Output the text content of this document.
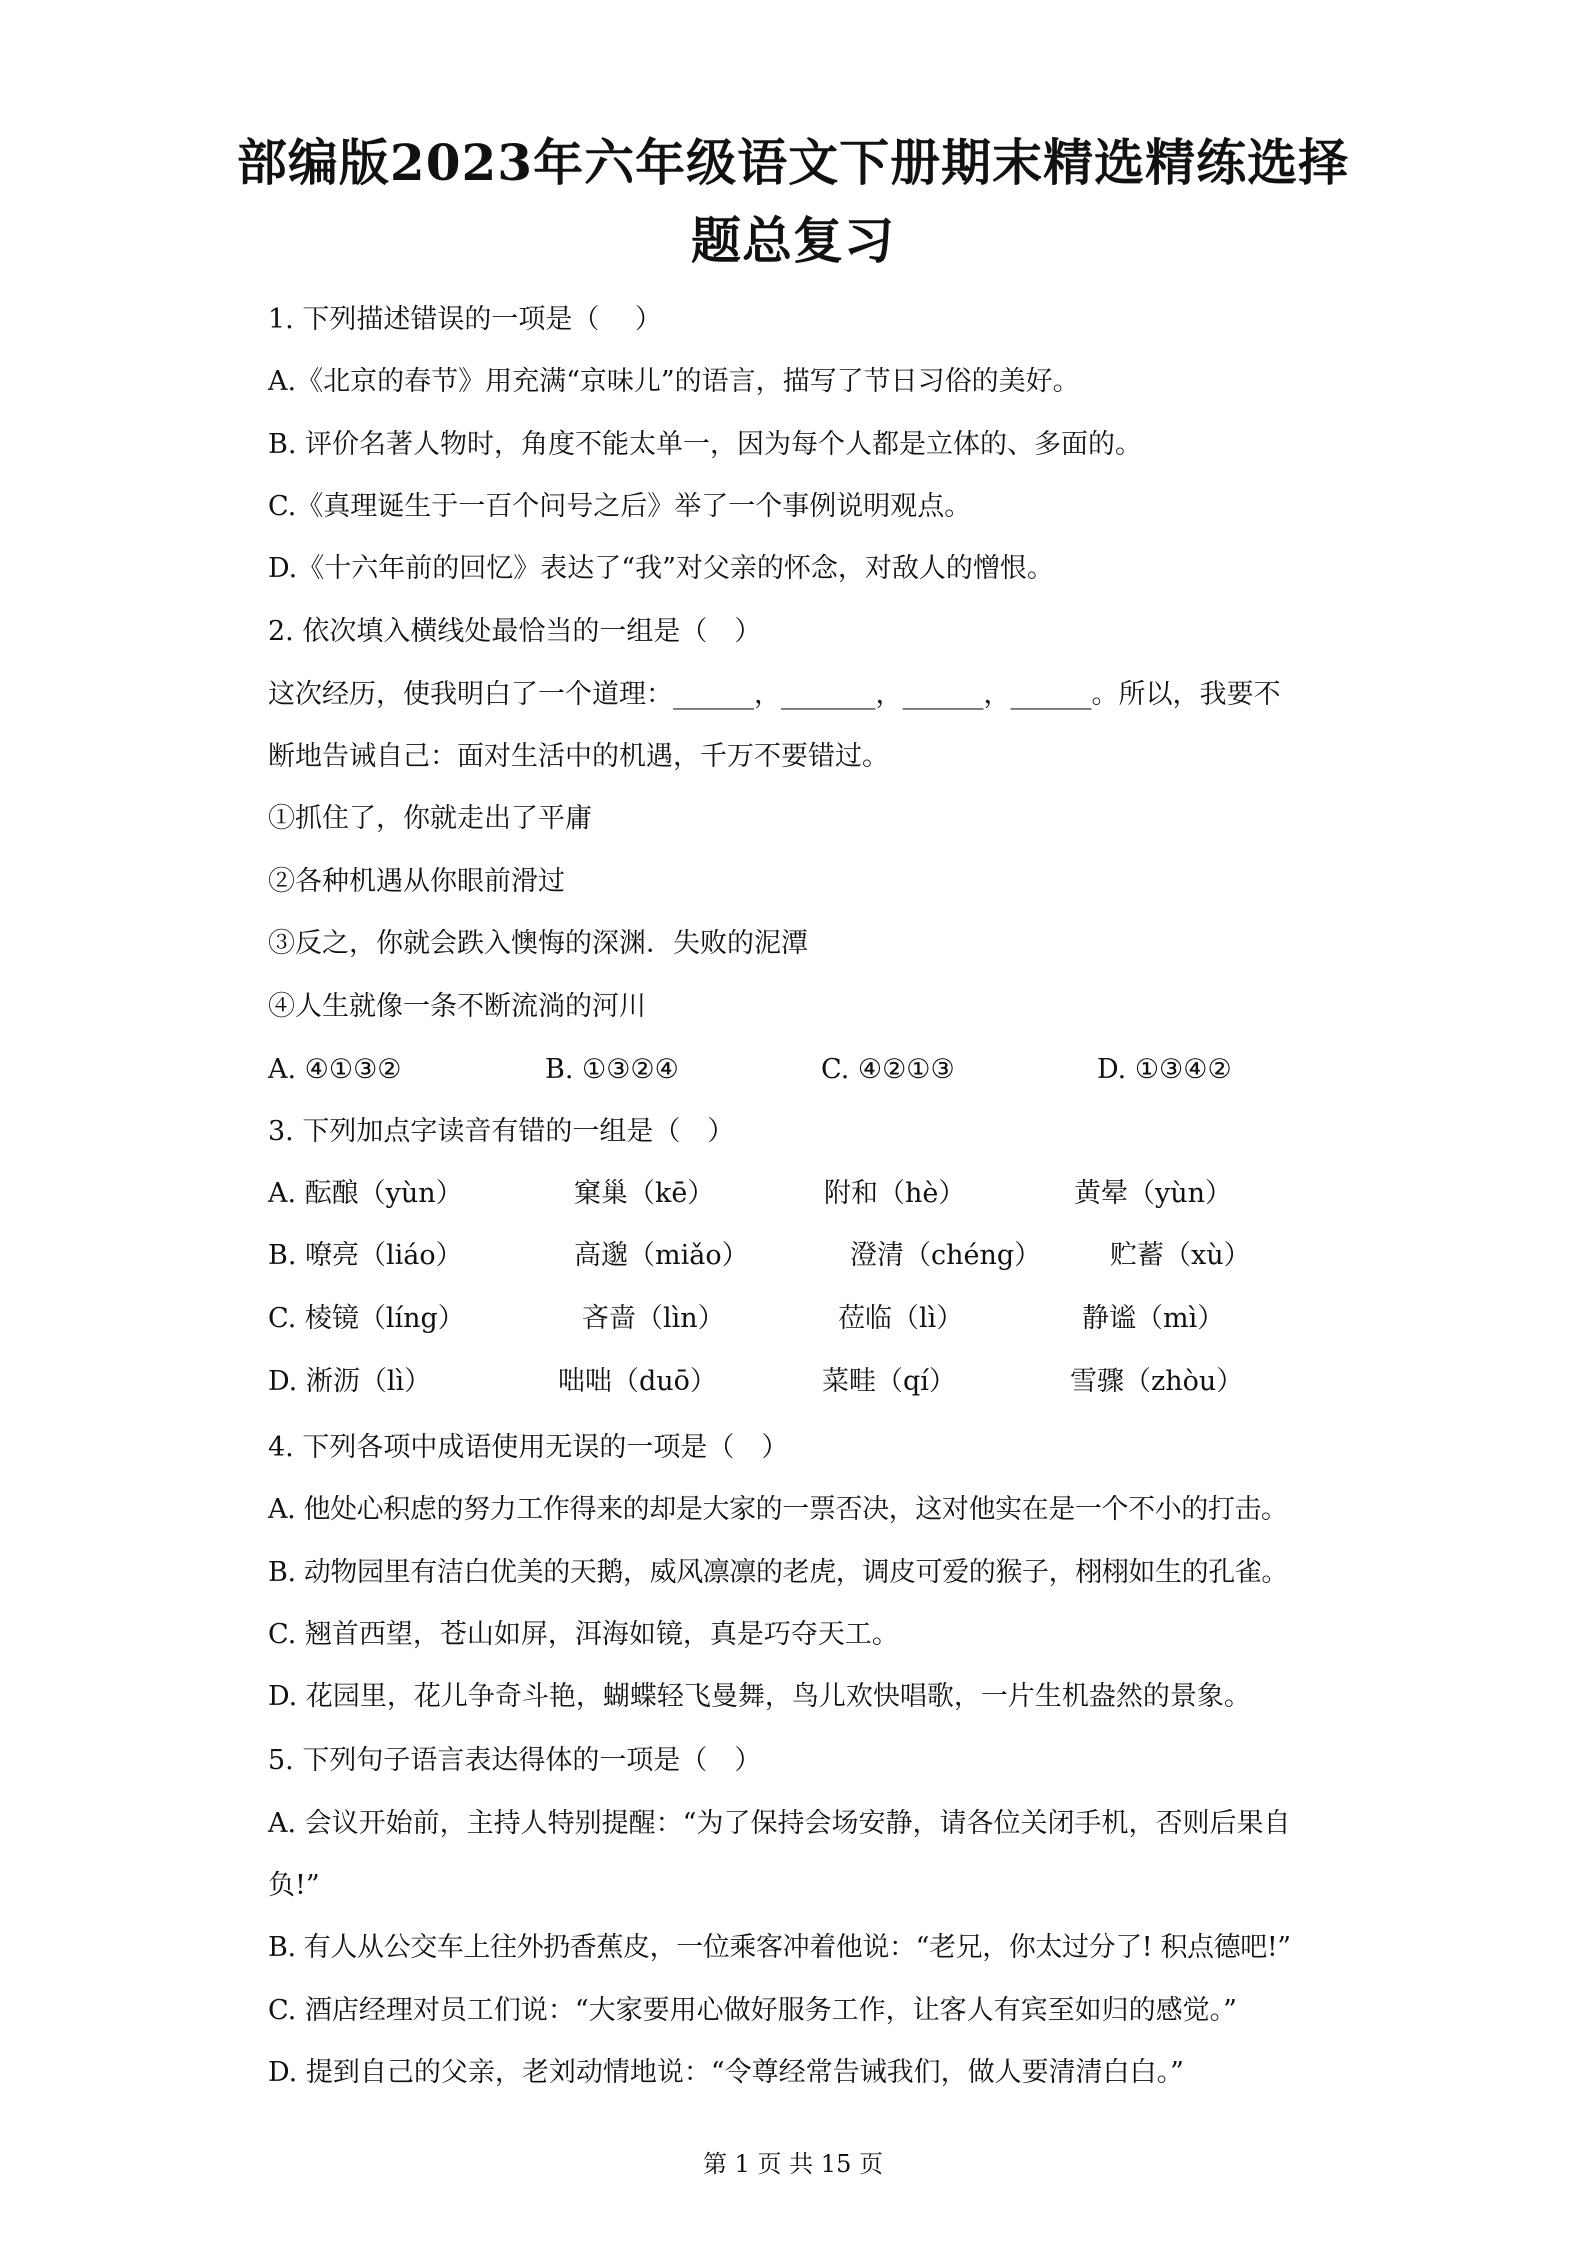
部编版2023年六年级语文下册期末精选精练选择
题总复习
1. 下列描述错误的一项是（　 ）
A.《北京的春节》用充满“京味儿”的语言，描写了节日习俗的美好。
B. 评价名著人物时，角度不能太单一，因为每个人都是立体的、多面的。
C.《真理诞生于一百个问号之后》举了一个事例说明观点。
D.《十六年前的回忆》表达了“我”对父亲的怀念，对敌人的憎恨。
2. 依次填入横线处最恰当的一组是（　）
这次经历，使我明白了一个道理：______，_______，______，______。所以，我要不
断地告诫自己：面对生活中的机遇，千万不要错过。
①抓住了，你就走出了平庸
②各种机遇从你眼前滑过
③反之，你就会跌入懊悔的深渊．失败的泥潭
④人生就像一条不断流淌的河川
A. ④①③②	B. ①③②④	C. ④②①③	D. ①③④②
3. 下列加点字读音有错的一组是（　）
A. 酝酿（yùn）	窠巢（kē）	附和（hè）	黄晕（yùn）
B. 嘹亮（liáo）	高邈（miǎo）	澄清（chéng）	贮蓄（xù）
C. 棱镜（líng）	吝啬（lìn）	莅临（lì）	静谧（mì）
D. 淅沥（lì）	咄咄（duō）	菜畦（qí）	雪骤（zhòu）
4. 下列各项中成语使用无误的一项是（　）
A. 他处心积虑的努力工作得来的却是大家的一票否决，这对他实在是一个不小的打击。
B. 动物园里有洁白优美的天鹅，威风凛凛的老虎，调皮可爱的猴子，栩栩如生的孔雀。
C. 翘首西望，苍山如屏，洱海如镜，真是巧夺天工。
D. 花园里，花儿争奇斗艳，蝴蝶轻飞曼舞，鸟儿欢快唱歌，一片生机盎然的景象。
5. 下列句子语言表达得体的一项是（　）
A. 会议开始前，主持人特别提醒：“为了保持会场安静，请各位关闭手机，否则后果自
负!”
B. 有人从公交车上往外扔香蕉皮，一位乘客冲着他说：“老兄，你太过分了! 积点德吧!”
C. 酒店经理对员工们说：“大家要用心做好服务工作，让客人有宾至如归的感觉。”
D. 提到自己的父亲，老刘动情地说：“令尊经常告诫我们，做人要清清白白。”
第 1 页 共 15 页
